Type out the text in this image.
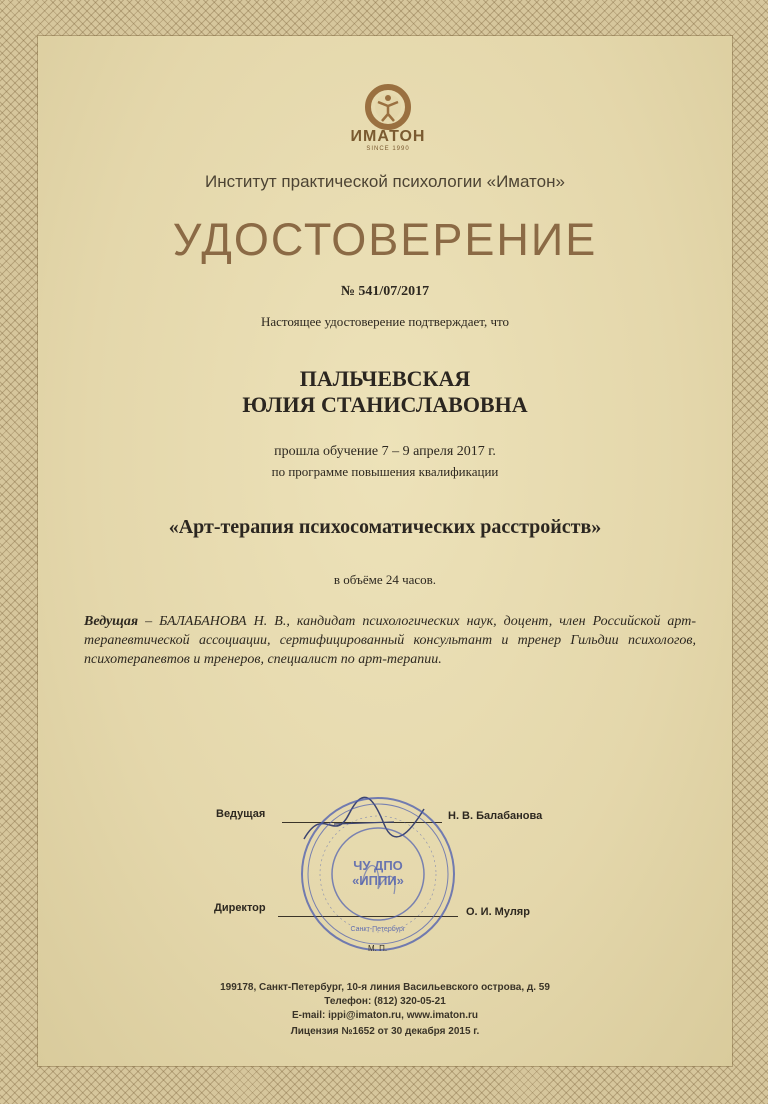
ИМАТОН
SINCE 1990
Институт практической психологии «Иматон»
УДОСТОВЕРЕНИЕ
№ 541/07/2017
Настоящее удостоверение подтверждает, что
ПАЛЬЧЕВСКАЯ
ЮЛИЯ СТАНИСЛАВОВНА
прошла обучение 7 – 9 апреля 2017 г.
по программе повышения квалификации
«Арт-терапия психосоматических расстройств»
в объёме 24 часов.
Ведущая – БАЛАБАНОВА Н. В., кандидат психологических наук, доцент, член Российской арт-терапевтической ассоциации, сертифицированный консультант и тренер Гильдии психологов, психотерапевтов и тренеров, специалист по арт-терапии.
Ведущая	Н. В. Балабанова
Директор	О. И. Муляр
ЧУ ДПО
«ИППИ»
Санкт-Петербург
М. П.
199178, Санкт-Петербург, 10-я линия Васильевского острова, д. 59
Телефон: (812) 320-05-21
E-mail: ippi@imaton.ru, www.imaton.ru
Лицензия №1652 от 30 декабря 2015 г.
